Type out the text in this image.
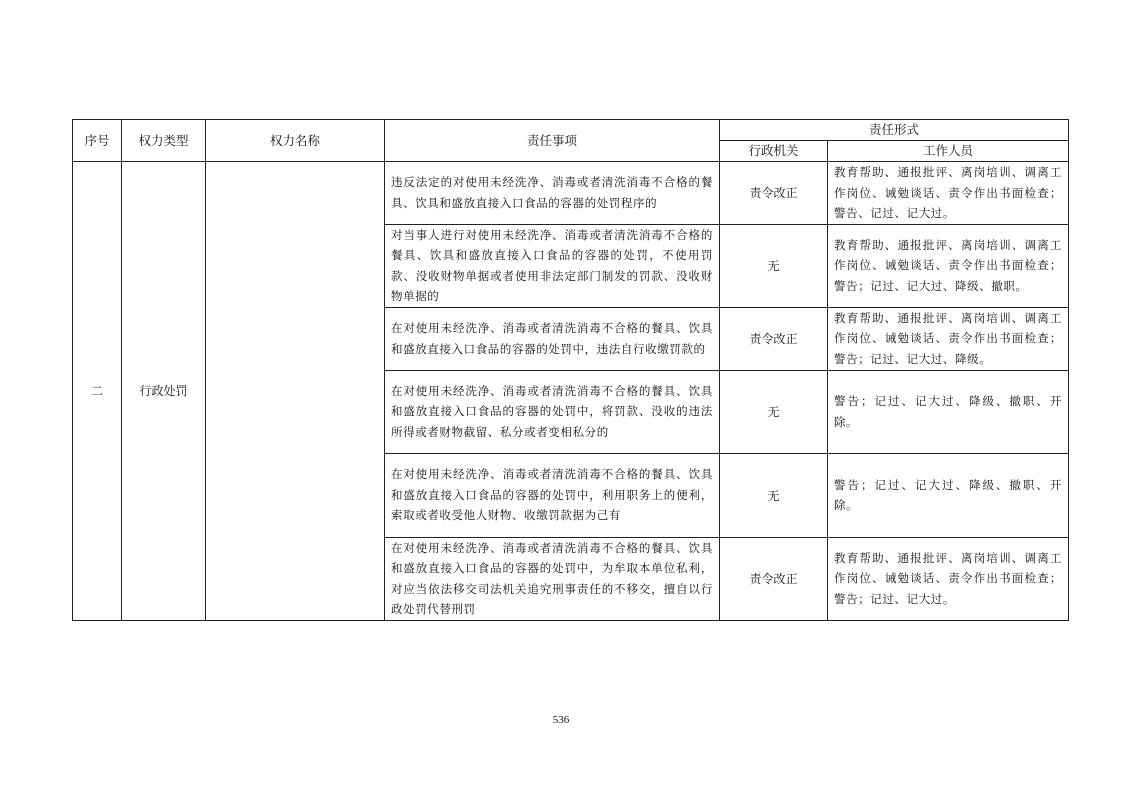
序号	权力类型	权力名称	责任事项	责任形式	
				行政机关	工作人员
二	行政处罚		违反法定的对使用未经洗净、消毒或者清洗消毒不合格的餐具、饮具和盛放直接入口食品的容器的处罚程序的	责令改正	教育帮助、通报批评、离岗培训、调离工作岗位、诫勉谈话、责令作出书面检查；警告、记过、记大过。
			对当事人进行对使用未经洗净、消毒或者清洗消毒不合格的餐具、饮具和盛放直接入口食品的容器的处罚，不使用罚款、没收财物单据或者使用非法定部门制发的罚款、没收财物单据的	无	教育帮助、通报批评、离岗培训、调离工作岗位、诫勉谈话、责令作出书面检查；警告；记过、记大过、降级、撤职。
			在对使用未经洗净、消毒或者清洗消毒不合格的餐具、饮具和盛放直接入口食品的容器的处罚中，违法自行收缴罚款的	责令改正	教育帮助、通报批评、离岗培训、调离工作岗位、诫勉谈话、责令作出书面检查；警告；记过、记大过、降级。
			在对使用未经洗净、消毒或者清洗消毒不合格的餐具、饮具和盛放直接入口食品的容器的处罚中，将罚款、没收的违法所得或者财物截留、私分或者变相私分的	无	警告；记过、记大过、降级、撤职、开除。
			在对使用未经洗净、消毒或者清洗消毒不合格的餐具、饮具和盛放直接入口食品的容器的处罚中，利用职务上的便利，索取或者收受他人财物、收缴罚款据为己有	无	警告；记过、记大过、降级、撤职、开除。
			在对使用未经洗净、消毒或者清洗消毒不合格的餐具、饮具和盛放直接入口食品的容器的处罚中，为牟取本单位私利，对应当依法移交司法机关追究刑事责任的不移交，擅自以行政处罚代替刑罚	责令改正	教育帮助、通报批评、离岗培训、调离工作岗位、诫勉谈话、责令作出书面检查；警告；记过、记大过。
536
